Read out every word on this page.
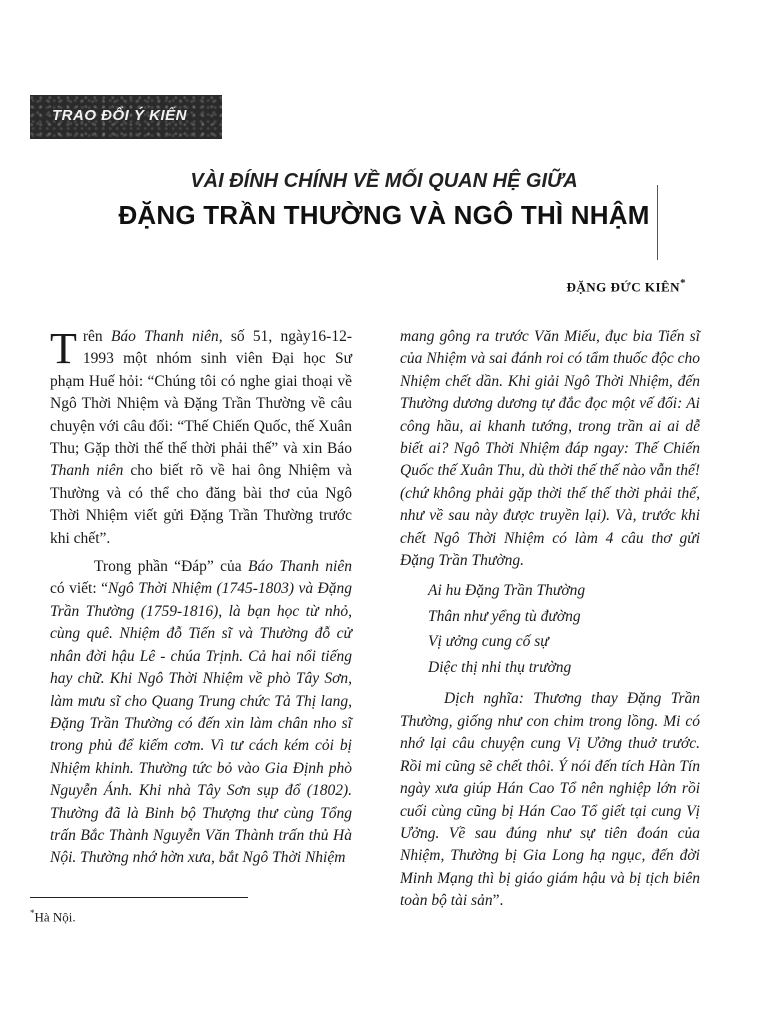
TRAO ĐỔI Ý KIẾN
VÀI ĐÍNH CHÍNH VỀ MỐI QUAN HỆ GIỮA
ĐẶNG TRẦN THƯỜNG VÀ NGÔ THÌ NHẬM
ĐẶNG ĐỨC KIÊN*

Trên Báo Thanh niên, số 51, ngày16-12-1993 một nhóm sinh viên Đại học Sư phạm Huế hỏi: “Chúng tôi có nghe giai thoại về Ngô Thời Nhiệm và Đặng Trần Thường về câu chuyện với câu đối: “Thế Chiến Quốc, thế Xuân Thu; Gặp thời thế thế thời phải thế” và xin Báo Thanh niên cho biết rõ về hai ông Nhiệm và Thường và có thể cho đăng bài thơ của Ngô Thời Nhiệm viết gửi Đặng Trần Thường trước khi chết”.

Trong phần “Đáp” của Báo Thanh niên có viết: “Ngô Thời Nhiệm (1745-1803) và Đặng Trần Thường (1759-1816), là bạn học từ nhỏ, cùng quê. Nhiệm đỗ Tiến sĩ và Thường đỗ cử nhân đời hậu Lê - chúa Trịnh. Cả hai nổi tiếng hay chữ. Khi Ngô Thời Nhiệm về phò Tây Sơn, làm mưu sĩ cho Quang Trung chức Tả Thị lang, Đặng Trần Thường có đến xin làm chân nho sĩ trong phủ để kiếm cơm. Vì tư cách kém cỏi bị Nhiệm khinh. Thường tức bỏ vào Gia Định phò Nguyễn Ánh. Khi nhà Tây Sơn sụp đổ (1802). Thường đã là Binh bộ Thượng thư cùng Tổng trấn Bắc Thành Nguyễn Văn Thành trấn thủ Hà Nội. Thường nhớ hờn xưa, bắt Ngô Thời Nhiệm

mang gông ra trước Văn Miếu, đục bia Tiến sĩ của Nhiệm và sai đánh roi có tẩm thuốc độc cho Nhiệm chết dần. Khi giải Ngô Thời Nhiệm, đến Thường dương dương tự đắc đọc một vế đối: Ai công hầu, ai khanh tướng, trong trần ai ai dễ biết ai? Ngô Thời Nhiệm đáp ngay: Thế Chiến Quốc thế Xuân Thu, dù thời thế thế nào vẫn thế! (chứ không phải gặp thời thế thế thời phải thế, như về sau này được truyền lại). Và, trước khi chết Ngô Thời Nhiệm có làm 4 câu thơ gửi Đặng Trần Thường.

Ai hu Đặng Trần Thường
Thân như yểng tù đường
Vị ưởng cung cố sự
Diệc thị nhi thụ trường

Dịch nghĩa: Thương thay Đặng Trần Thường, giống như con chim trong lồng. Mi có nhớ lại câu chuyện cung Vị Ưởng thuở trước. Rồi mi cũng sẽ chết thôi. Ý nói đến tích Hàn Tín ngày xưa giúp Hán Cao Tổ nên nghiệp lớn rồi cuối cùng cũng bị Hán Cao Tổ giết tại cung Vị Ưởng. Về sau đúng như sự tiên đoán của Nhiệm, Thường bị Gia Long hạ ngục, đến đời Minh Mạng thì bị giáo giám hậu và bị tịch biên toàn bộ tài sản”.

*Hà Nội.
